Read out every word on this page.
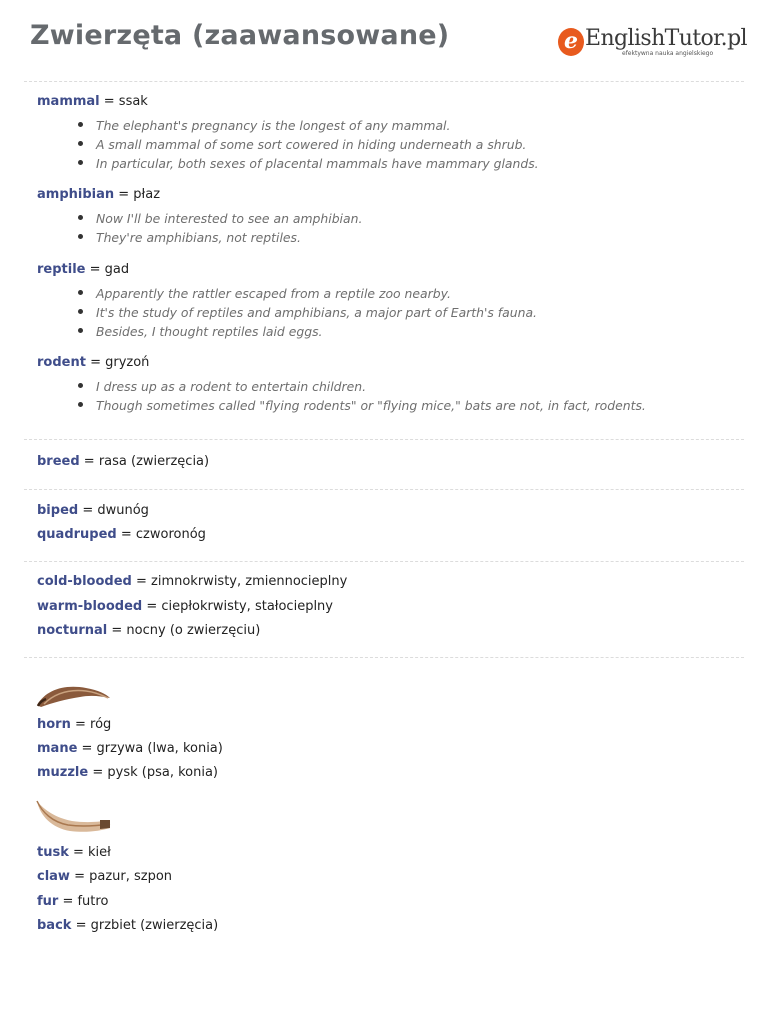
Zwierzęta (zaawansowane)	e EnglishTutor.pl
efektywna nauka angielskiego
mammal = ssak
The elephant's pregnancy is the longest of any mammal.
A small mammal of some sort cowered in hiding underneath a shrub.
In particular, both sexes of placental mammals have mammary glands.
amphibian = płaz
Now I'll be interested to see an amphibian.
They're amphibians, not reptiles.
reptile = gad
Apparently the rattler escaped from a reptile zoo nearby.
It's the study of reptiles and amphibians, a major part of Earth's fauna.
Besides, I thought reptiles laid eggs.
rodent = gryzoń
I dress up as a rodent to entertain children.
Though sometimes called "flying rodents" or "flying mice," bats are not, in fact, rodents.
breed = rasa (zwierzęcia)
biped = dwunóg
quadruped = czworonóg
cold-blooded = zimnokrwisty, zmiennocieplny
warm-blooded = ciepłokrwisty, stałocieplny
nocturnal = nocny (o zwierzęciu)
horn = róg
mane = grzywa (lwa, konia)
muzzle = pysk (psa, konia)
tusk = kieł
claw = pazur, szpon
fur = futro
back = grzbiet (zwierzęcia)
